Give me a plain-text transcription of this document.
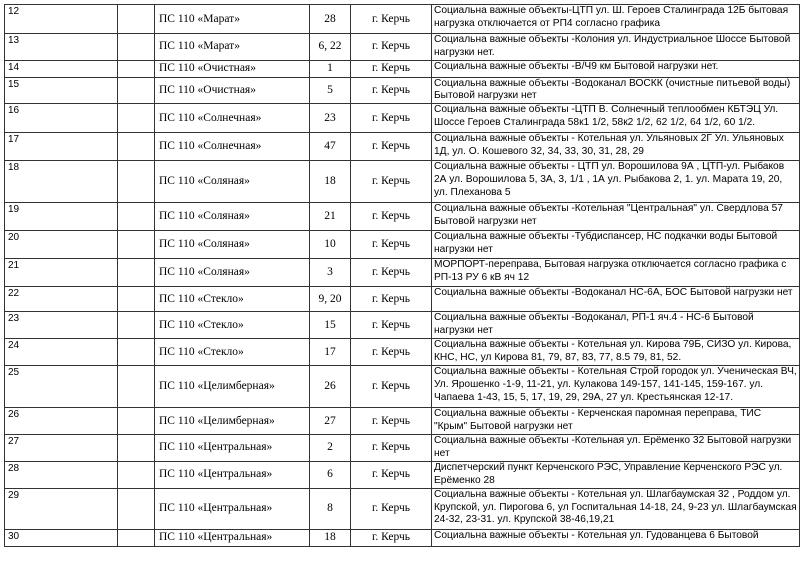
12		ПС 110 «Марат»	28	г. Керчь	Социальна важные объекты-ЦТП ул. Ш. Героев Сталинграда 12Б бытовая нагрузка отключается от РП4 согласно графика
13		ПС 110 «Марат»	6, 22	г. Керчь	Социальна важные объекты -Колония ул. Индустриальное Шоссе Бытовой нагрузки нет.
14		ПС 110 «Очистная»	1	г. Керчь	Социальна важные объекты -В/Ч9 км Бытовой нагрузки нет.
15		ПС 110 «Очистная»	5	г. Керчь	Социальна важные объекты -Водоканал ВОСКК (очистные питьевой воды) Бытовой нагрузки нет
16		ПС 110 «Солнечная»	23	г. Керчь	Социальна важные объекты -ЦТП В. Солнечный теплообмен КБТЭЦ Ул. Шоссе Героев Сталинграда 58к1 1/2, 58к2 1/2, 62 1/2, 64 1/2, 60 1/2.
17		ПС 110 «Солнечная»	47	г. Керчь	Социальна важные объекты - Котельная ул. Ульяновых 2Г Ул. Ульяновых 1Д, ул. О. Кошевого 32, 34, 33, 30, 31, 28, 29
18		ПС 110 «Соляная»	18	г. Керчь	Социальна важные объекты - ЦТП ул. Ворошилова 9А , ЦТП-ул. Рыбаков 2А ул. Ворошилова 5, 3А, 3, 1/1 , 1А ул. Рыбакова 2, 1. ул. Марата 19, 20, ул. Плеханова 5
19		ПС 110 «Соляная»	21	г. Керчь	Социальна важные объекты -Котельная "Центральная" ул. Свердлова 57 Бытовой нагрузки нет
20		ПС 110 «Соляная»	10	г. Керчь	Социальна важные объекты -Тубдиспансер, НС подкачки воды Бытовой нагрузки нет
21		ПС 110 «Соляная»	3	г. Керчь	МОРПОРТ-переправа, Бытовая нагрузка отключается согласно графика с РП-13 РУ 6 кВ яч 12
22		ПС 110 «Стекло»	9, 20	г. Керчь	Социальна важные объекты -Водоканал НС-6А, БОС Бытовой нагрузки нет
23		ПС 110 «Стекло»	15	г. Керчь	Социальна важные объекты -Водоканал, РП-1 яч.4 - НС-6 Бытовой нагрузки нет
24		ПС 110 «Стекло»	17	г. Керчь	Социальна важные объекты - Котельная ул. Кирова 79Б, СИЗО ул. Кирова, КНС, НС, ул Кирова 81, 79, 87, 83, 77, 8.5 79, 81, 52.
25		ПС 110 «Целимберная»	26	г. Керчь	Социальна важные объекты - Котельная Строй городок ул. Ученическая ВЧ, Ул. Ярошенко -1-9, 11-21, ул. Кулакова 149-157, 141-145, 159-167. ул. Чапаева 1-43, 15, 5, 17, 19, 29, 29А, 27 ул. Крестьянская 12-17.
26		ПС 110 «Целимберная»	27	г. Керчь	Социальна важные объекты - Керченская паромная переправа, ТИС "Крым" Бытовой нагрузки нет
27		ПС 110 «Центральная»	2	г. Керчь	Социальна важные объекты -Котельная ул. Ерёменко 32 Бытовой нагрузки нет
28		ПС 110 «Центральная»	6	г. Керчь	Диспетчерский пункт Керченского РЭС, Управление Керченского РЭС ул. Ерёменко 28
29		ПС 110 «Центральная»	8	г. Керчь	Социальна важные объекты - Котельная ул. Шлагбаумская 32 , Роддом ул. Крупской, ул. Пирогова 6, ул Госпитальная 14-18, 24, 9-23 ул. Шлагбаумская 24-32, 23-31. ул. Крупской 38-46,19,21
30		ПС 110 «Центральная»	18	г. Керчь	Социальна важные объекты - Котельная ул. Гудованцева 6 Бытовой
